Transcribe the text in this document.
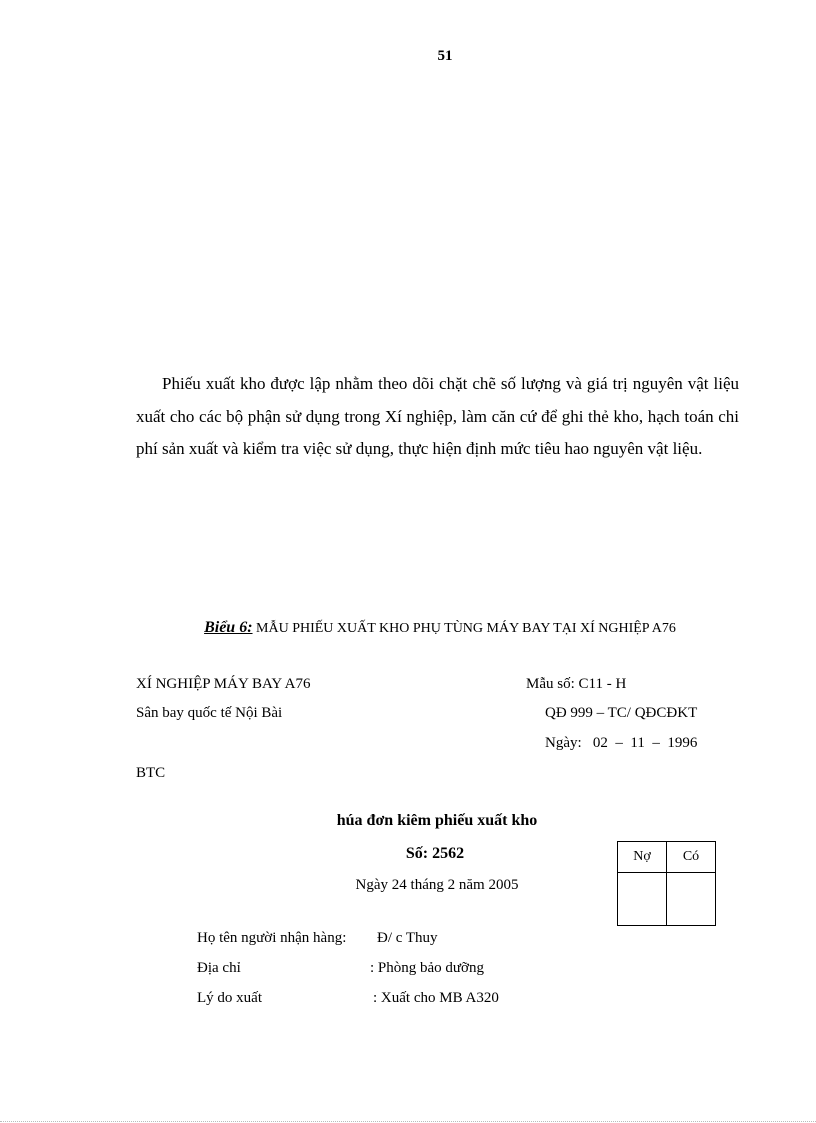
51

Phiếu xuất kho được lập nhằm theo dõi chặt chẽ số lượng và giá trị nguyên vật liệu xuất cho các bộ phận sử dụng trong Xí nghiệp, làm căn cứ để ghi thẻ kho, hạch toán chi phí sản xuất và kiểm tra việc sử dụng, thực hiện định mức tiêu hao nguyên vật liệu.

Biểu 6: MẪU PHIẾU XUẤT KHO PHỤ TÙNG MÁY BAY TẠI XÍ NGHIỆP A76
XÍ NGHIỆP MÁY BAY A76
Sân bay quốc tế Nội Bài
Mẫu số: C11 - H
QĐ 999 – TC/ QĐCĐKT
Ngày:   02  –  11  –  1996
BTC
húa đơn kiêm phiếu xuất kho
Số: 2562
Ngày 24 tháng 2 năm 2005
Nợ	Có

Họ tên người nhận hàng: Đ/ c Thuy
Địa chỉ	: Phòng bảo dưỡng
Lý do xuất	: Xuất cho MB A320
